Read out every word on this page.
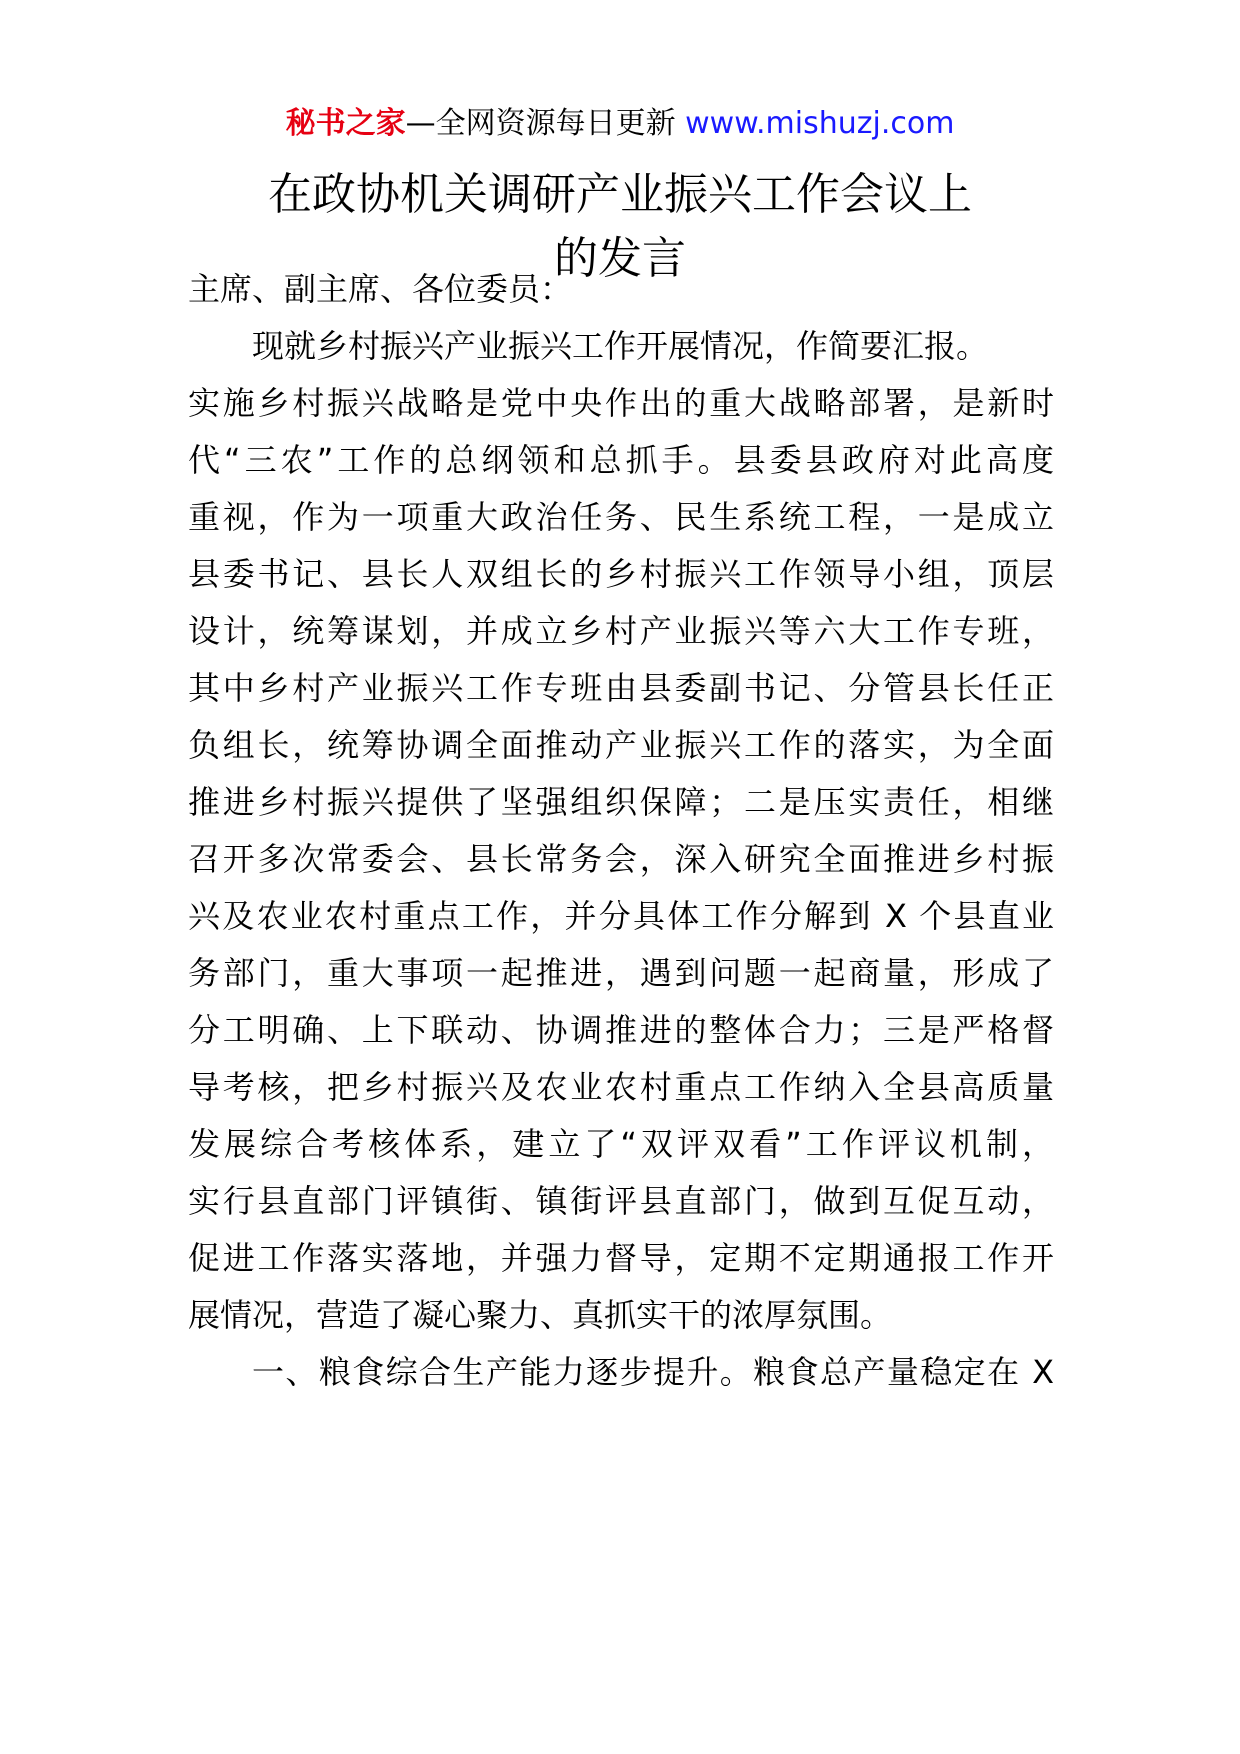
秘书之家—全网资源每日更新 www.mishuzj.com
在政协机关调研产业振兴工作会议上
的发言
主席、副主席、各位委员：
现就乡村振兴产业振兴工作开展情况，作简要汇报。
实施乡村振兴战略是党中央作出的重大战略部署，是新时
代“三农”工作的总纲领和总抓手。县委县政府对此高度
重视，作为一项重大政治任务、民生系统工程，一是成立
县委书记、县长人双组长的乡村振兴工作领导小组，顶层
设计，统筹谋划，并成立乡村产业振兴等六大工作专班，
其中乡村产业振兴工作专班由县委副书记、分管县长任正
负组长，统筹协调全面推动产业振兴工作的落实，为全面
推进乡村振兴提供了坚强组织保障；二是压实责任，相继
召开多次常委会、县长常务会，深入研究全面推进乡村振
兴及农业农村重点工作，并分具体工作分解到 X 个县直业
务部门，重大事项一起推进，遇到问题一起商量，形成了
分工明确、上下联动、协调推进的整体合力；三是严格督
导考核，把乡村振兴及农业农村重点工作纳入全县高质量
发展综合考核体系，建立了“双评双看”工作评议机制，
实行县直部门评镇街、镇街评县直部门，做到互促互动，
促进工作落实落地，并强力督导，定期不定期通报工作开
展情况，营造了凝心聚力、真抓实干的浓厚氛围。
一、粮食综合生产能力逐步提升。粮食总产量稳定在 X
